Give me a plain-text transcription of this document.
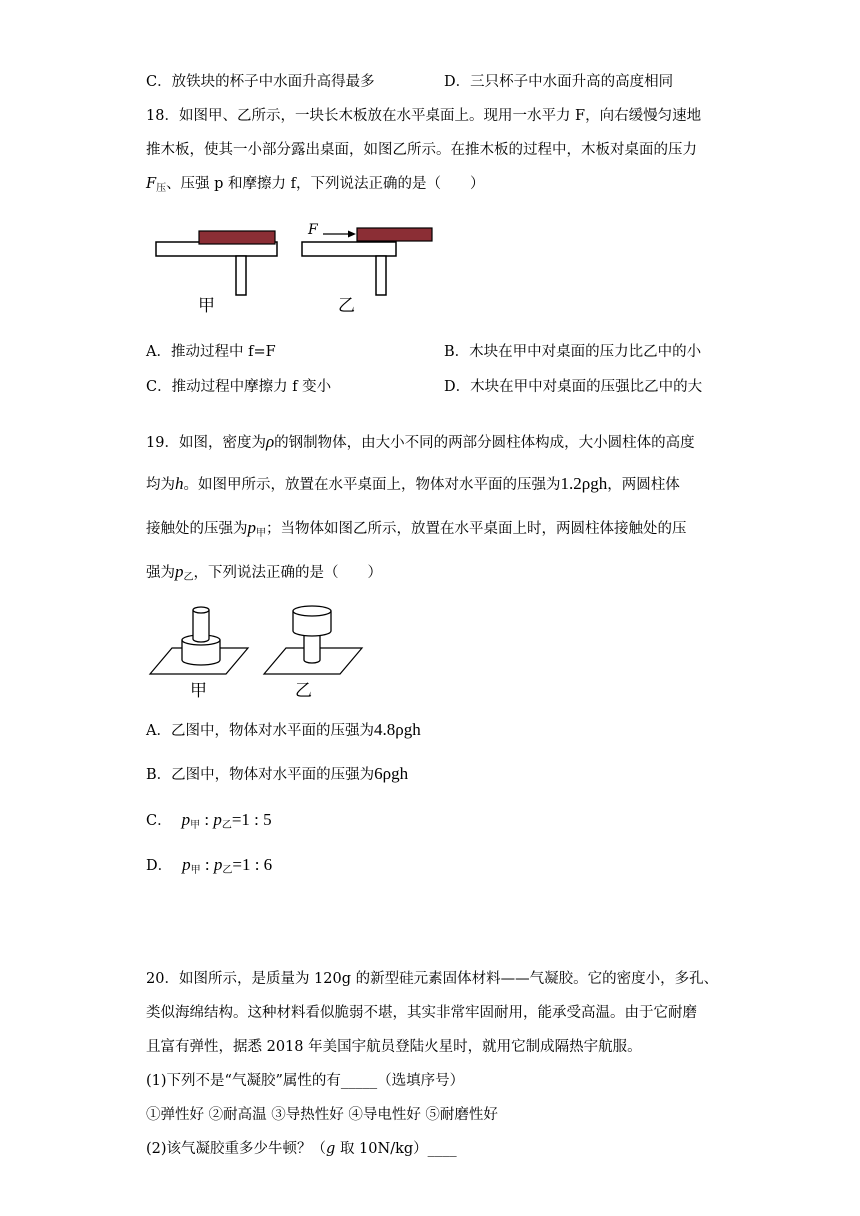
C．放铁块的杯子中水面升高得最多	D．三只杯子中水面升高的高度相同
18．如图甲、乙所示，一块长木板放在水平桌面上。现用一水平力 F，向右缓慢匀速地
推木板，使其一小部分露出桌面，如图乙所示。在推木板的过程中，木板对桌面的压力
$F_压$、压强 p 和摩擦力 f，下列说法正确的是（　　）
F
甲	乙
A．推动过程中 f=F	B．木块在甲中对桌面的压力比乙中的小
C．推动过程中摩擦力 f 变小	D．木块在甲中对桌面的压强比乙中的大
19．如图，密度为ρ的钢制物体，由大小不同的两部分圆柱体构成，大小圆柱体的高度
均为h。如图甲所示，放置在水平桌面上，物体对水平面的压强为1.2ρgh，两圆柱体
接触处的压强为$p_甲$；当物体如图乙所示，放置在水平桌面上时，两圆柱体接触处的压
强为$p_乙$，下列说法正确的是（　　）
甲	乙
A．乙图中，物体对水平面的压强为4.8ρgh
B．乙图中，物体对水平面的压强为6ρgh
C． $p_甲$ : $p_乙=1$ : 5
D． $p_甲$ : $p_乙=1$ : 6
20．如图所示，是质量为 120g 的新型硅元素固体材料——气凝胶。它的密度小，多孔、
类似海绵结构。这种材料看似脆弱不堪，其实非常牢固耐用，能承受高温。由于它耐磨
且富有弹性，据悉 2018 年美国宇航员登陆火星时，就用它制成隔热宇航服。
(1)下列不是“气凝胶”属性的有_____（选填序号）
①弹性好 ②耐高温 ③导热性好 ④导电性好 ⑤耐磨性好
(2)该气凝胶重多少牛顿？（g 取 10N/kg）____
